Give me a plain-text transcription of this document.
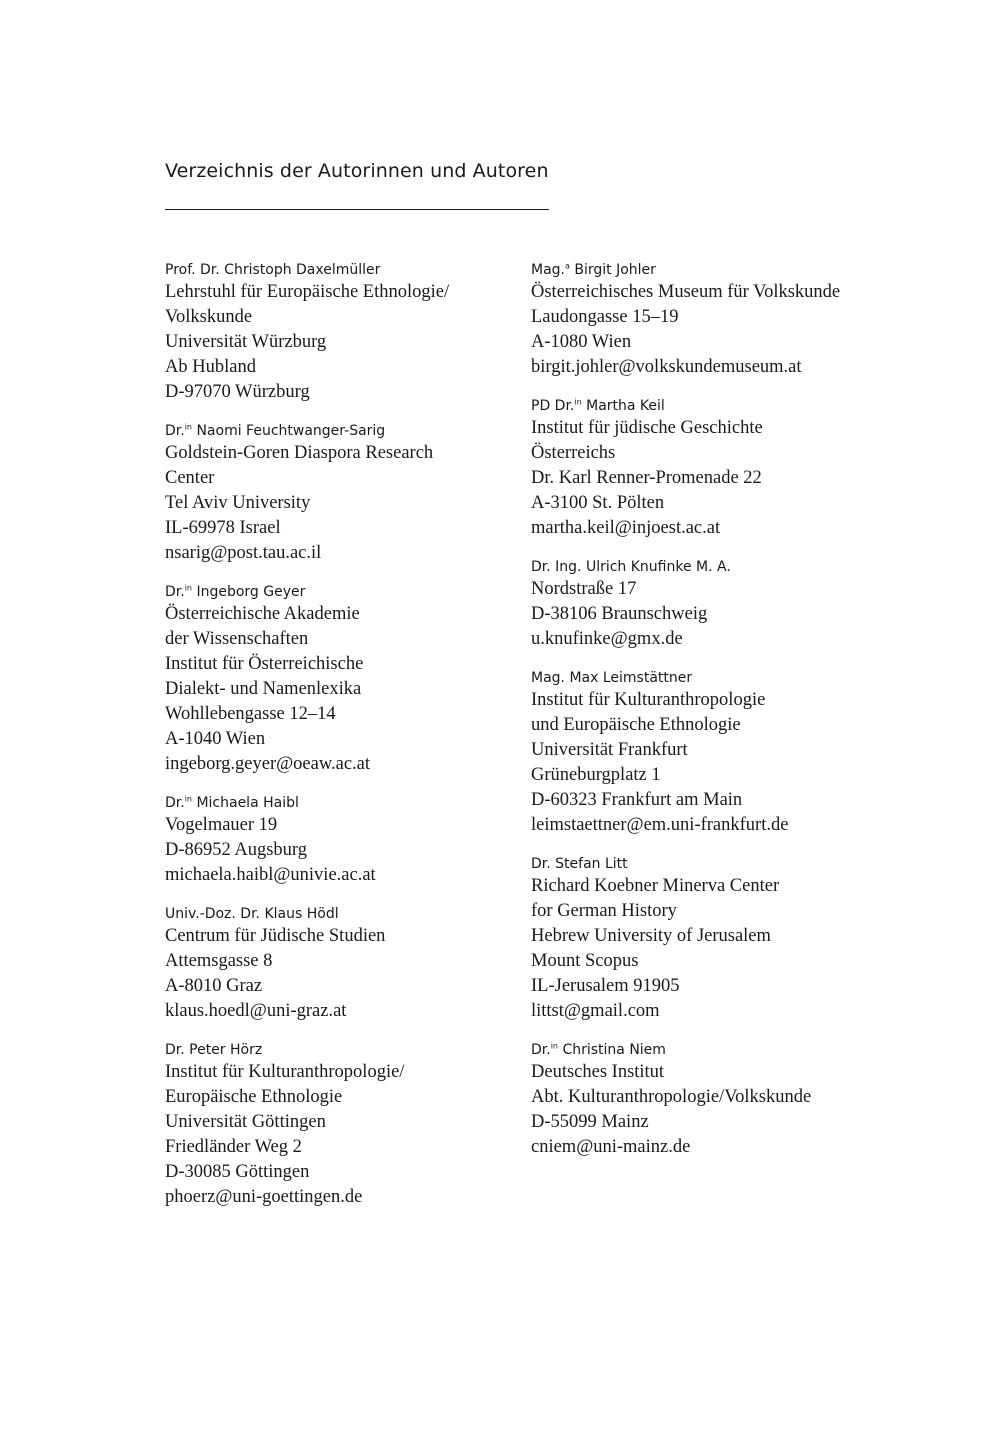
Verzeichnis der Autorinnen und Autoren
Prof. Dr. Christoph Daxelmüller
Lehrstuhl für Europäische Ethnologie/
Volkskunde
Universität Würzburg
Ab Hubland
D-97070 Würzburg
Dr.$^{in}$ Naomi Feuchtwanger-Sarig
Goldstein-Goren Diaspora Research
Center
Tel Aviv University
IL-69978 Israel
nsarig@post.tau.ac.il
Dr.$^{in}$ Ingeborg Geyer
Österreichische Akademie
der Wissenschaften
Institut für Österreichische
Dialekt- und Namenlexika
Wohllebengasse 12–14
A-1040 Wien
ingeborg.geyer@oeaw.ac.at
Dr.$^{in}$ Michaela Haibl
Vogelmauer 19
D-86952 Augsburg
michaela.haibl@univie.ac.at
Univ.-Doz. Dr. Klaus Hödl
Centrum für Jüdische Studien
Attemsgasse 8
A-8010 Graz
klaus.hoedl@uni-graz.at
Dr. Peter Hörz
Institut für Kulturanthropologie/
Europäische Ethnologie
Universität Göttingen
Friedländer Weg 2
D-30085 Göttingen
phoerz@uni-goettingen.de
Mag.$^a$ Birgit Johler
Österreichisches Museum für Volkskunde
Laudongasse 15–19
A-1080 Wien
birgit.johler@volkskundemuseum.at
PD Dr.$^{in}$ Martha Keil
Institut für jüdische Geschichte
Österreichs
Dr. Karl Renner-Promenade 22
A-3100 St. Pölten
martha.keil@injoest.ac.at
Dr. Ing. Ulrich Knufinke M. A.
Nordstraße 17
D-38106 Braunschweig
u.knufinke@gmx.de
Mag. Max Leimstättner
Institut für Kulturanthropologie
und Europäische Ethnologie
Universität Frankfurt
Grüneburgplatz 1
D-60323 Frankfurt am Main
leimstaettner@em.uni-frankfurt.de
Dr. Stefan Litt
Richard Koebner Minerva Center
for German History
Hebrew University of Jerusalem
Mount Scopus
IL-Jerusalem 91905
littst@gmail.com
Dr.$^{in}$ Christina Niem
Deutsches Institut
Abt. Kulturanthropologie/Volkskunde
D-55099 Mainz
cniem@uni-mainz.de
